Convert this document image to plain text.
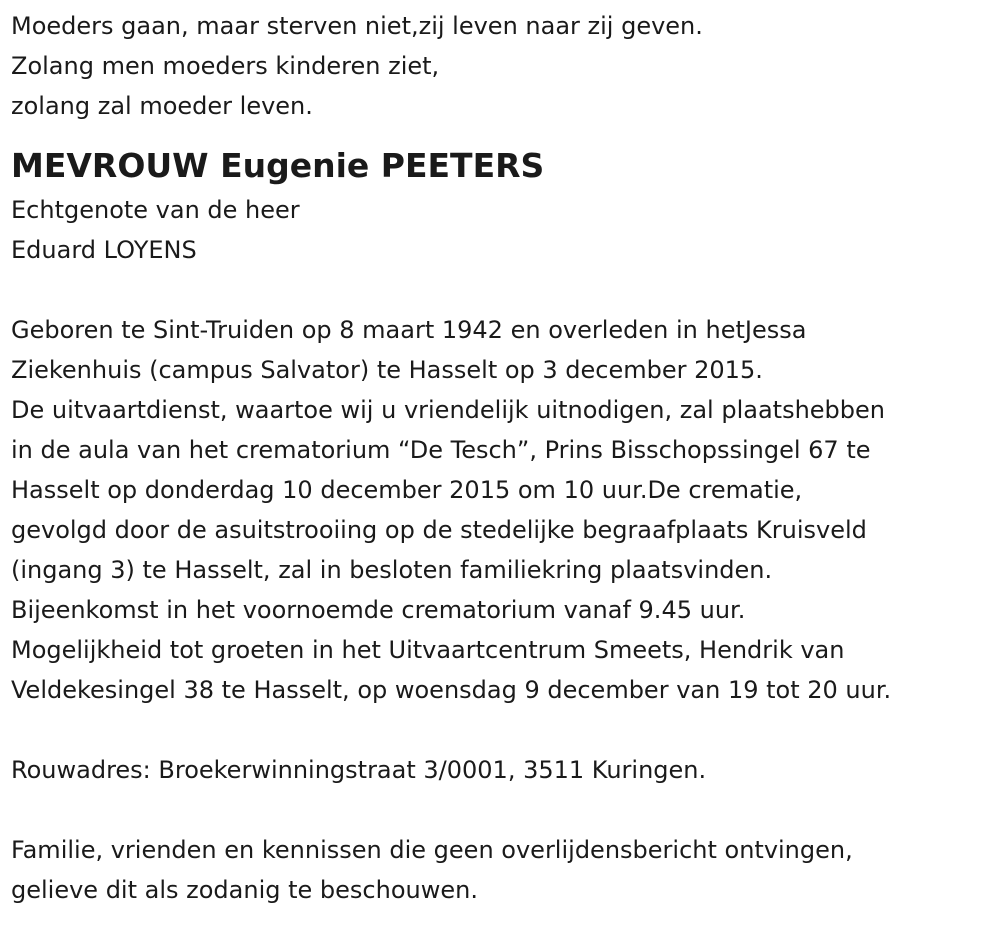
Moeders gaan, maar sterven niet,zij leven naar zij geven.
Zolang men moeders kinderen ziet,
zolang zal moeder leven.
MEVROUW Eugenie PEETERS
Echtgenote van de heer
Eduard LOYENS
Geboren te Sint-Truiden op 8 maart 1942 en overleden in hetJessa
Ziekenhuis (campus Salvator) te Hasselt op 3 december 2015.
De uitvaartdienst, waartoe wij u vriendelijk uitnodigen, zal plaatshebben
in de aula van het crematorium “De Tesch”, Prins Bisschopssingel 67 te
Hasselt op donderdag 10 december 2015 om 10 uur.De crematie,
gevolgd door de asuitstrooiing op de stedelijke begraafplaats Kruisveld
(ingang 3) te Hasselt, zal in besloten familiekring plaatsvinden.
Bijeenkomst in het voornoemde crematorium vanaf 9.45 uur.
Mogelijkheid tot groeten in het Uitvaartcentrum Smeets, Hendrik van
Veldekesingel 38 te Hasselt, op woensdag 9 december van 19 tot 20 uur.
Rouwadres: Broekerwinningstraat 3/0001, 3511 Kuringen.
Familie, vrienden en kennissen die geen overlijdensbericht ontvingen,
gelieve dit als zodanig te beschouwen.
